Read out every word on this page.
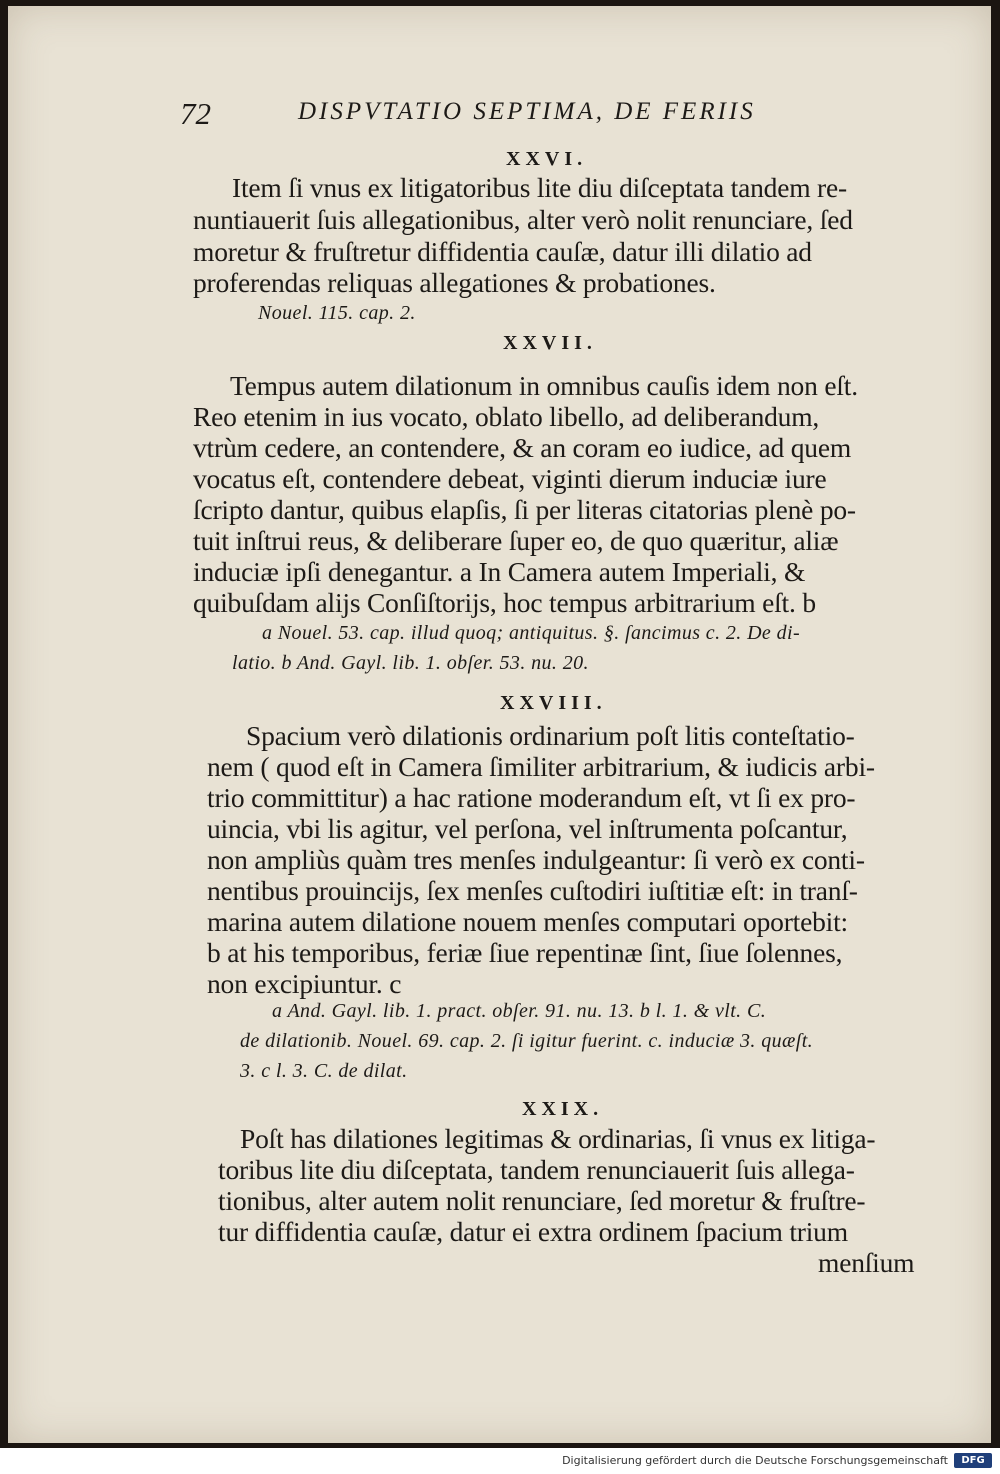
72	DISPVTATIO SEPTIMA, DE FERIIS
XXVI.
Item ſi vnus ex litigatoribus lite diu diſceptata tandem re-
nuntiauerit ſuis allegationibus, alter verò nolit renunciare, ſed
moretur & fruſtretur diffidentia cauſæ, datur illi dilatio ad
proferendas reliquas allegationes & probationes.
Nouel. 115. cap. 2.
XXVII.
Tempus autem dilationum in omnibus cauſis idem non eſt.
Reo etenim in ius vocato, oblato libello, ad deliberandum,
vtrùm cedere, an contendere, & an coram eo iudice, ad quem
vocatus eſt, contendere debeat, viginti dierum induciæ iure
ſcripto dantur, quibus elapſis, ſi per literas citatorias plenè po-
tuit inſtrui reus, & deliberare ſuper eo, de quo quæritur, aliæ
induciæ ipſi denegantur. a In Camera autem Imperiali, &
quibuſdam alijs Conſiſtorijs, hoc tempus arbitrarium eſt. b
a Nouel. 53. cap. illud quoq; antiquitus. §. ſancimus c. 2. De di-
latio. b And. Gayl. lib. 1. obſer. 53. nu. 20.
XXVIII.
Spacium verò dilationis ordinarium poſt litis conteſtatio-
nem ( quod eſt in Camera ſimiliter arbitrarium, & iudicis arbi-
trio committitur) a hac ratione moderandum eſt, vt ſi ex pro-
uincia, vbi lis agitur, vel perſona, vel inſtrumenta poſcantur,
non ampliùs quàm tres menſes indulgeantur: ſi verò ex conti-
nentibus prouincijs, ſex menſes cuſtodiri iuſtitiæ eſt: in tranſ-
marina autem dilatione nouem menſes computari oportebit:
b at his temporibus, feriæ ſiue repentinæ ſint, ſiue ſolennes,
non excipiuntur. c
a And. Gayl. lib. 1. pract. obſer. 91. nu. 13. b l. 1. & vlt. C.
de dilationib. Nouel. 69. cap. 2. ſi igitur fuerint. c. induciæ 3. quæſt.
3. c l. 3. C. de dilat.
XXIX.
Poſt has dilationes legitimas & ordinarias, ſi vnus ex litiga-
toribus lite diu diſceptata, tandem renunciauerit ſuis allega-
tionibus, alter autem nolit renunciare, ſed moretur & fruſtre-
tur diffidentia cauſæ, datur ei extra ordinem ſpacium trium
menſium
Digitalisierung gefördert durch die Deutsche Forschungsgemeinschaft	DFG
